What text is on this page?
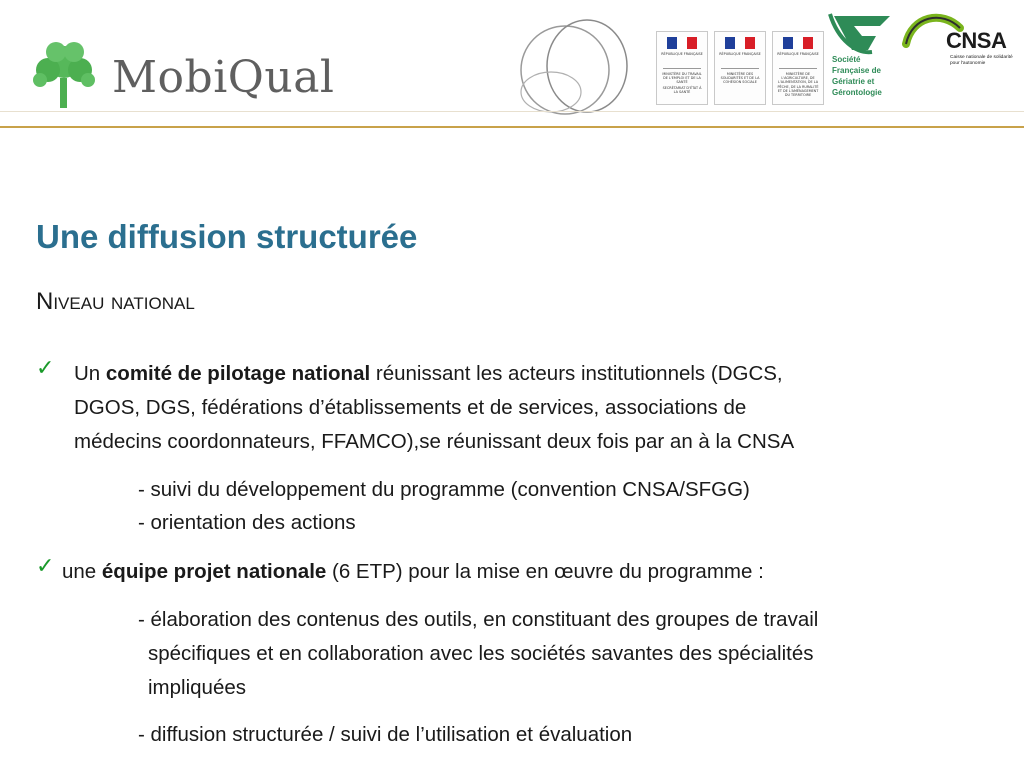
MobiQual	RÉPUBLIQUE FRANÇAISE
MINISTÈRE DU TRAVAIL DE L'EMPLOI ET DE LA SANTÉ
SECRÉTARIAT D'ÉTAT À LA SANTÉ
RÉPUBLIQUE FRANÇAISE
MINISTÈRE DES SOLIDARITÉS ET DE LA COHÉSION SOCIALE
RÉPUBLIQUE FRANÇAISE
MINISTÈRE DE L'AGRICULTURE, DE L'ALIMENTATION, DE LA PÊCHE, DE LA RURALITÉ ET DE L'AMÉNAGEMENT DU TERRITOIRE
Société
Française de
Gériatrie et
Gérontologie
CNSA
Caisse nationale de solidarité pour l'autonomie
Une diffusion structurée
Niveau national
✓ Un comité de pilotage national réunissant les acteurs institutionnels (DGCS,
DGOS, DGS, fédérations d’établissements et de services, associations de
médecins coordonnateurs, FFAMCO),se réunissant deux fois par an à la CNSA
- suivi du développement du programme (convention CNSA/SFGG)
- orientation des actions
✓ une équipe projet nationale (6 ETP) pour la mise en œuvre du programme :
- élaboration des contenus des outils, en constituant des groupes de travail
spécifiques et en collaboration avec les sociétés savantes des spécialités
impliquées
- diffusion structurée / suivi de l’utilisation et évaluation
